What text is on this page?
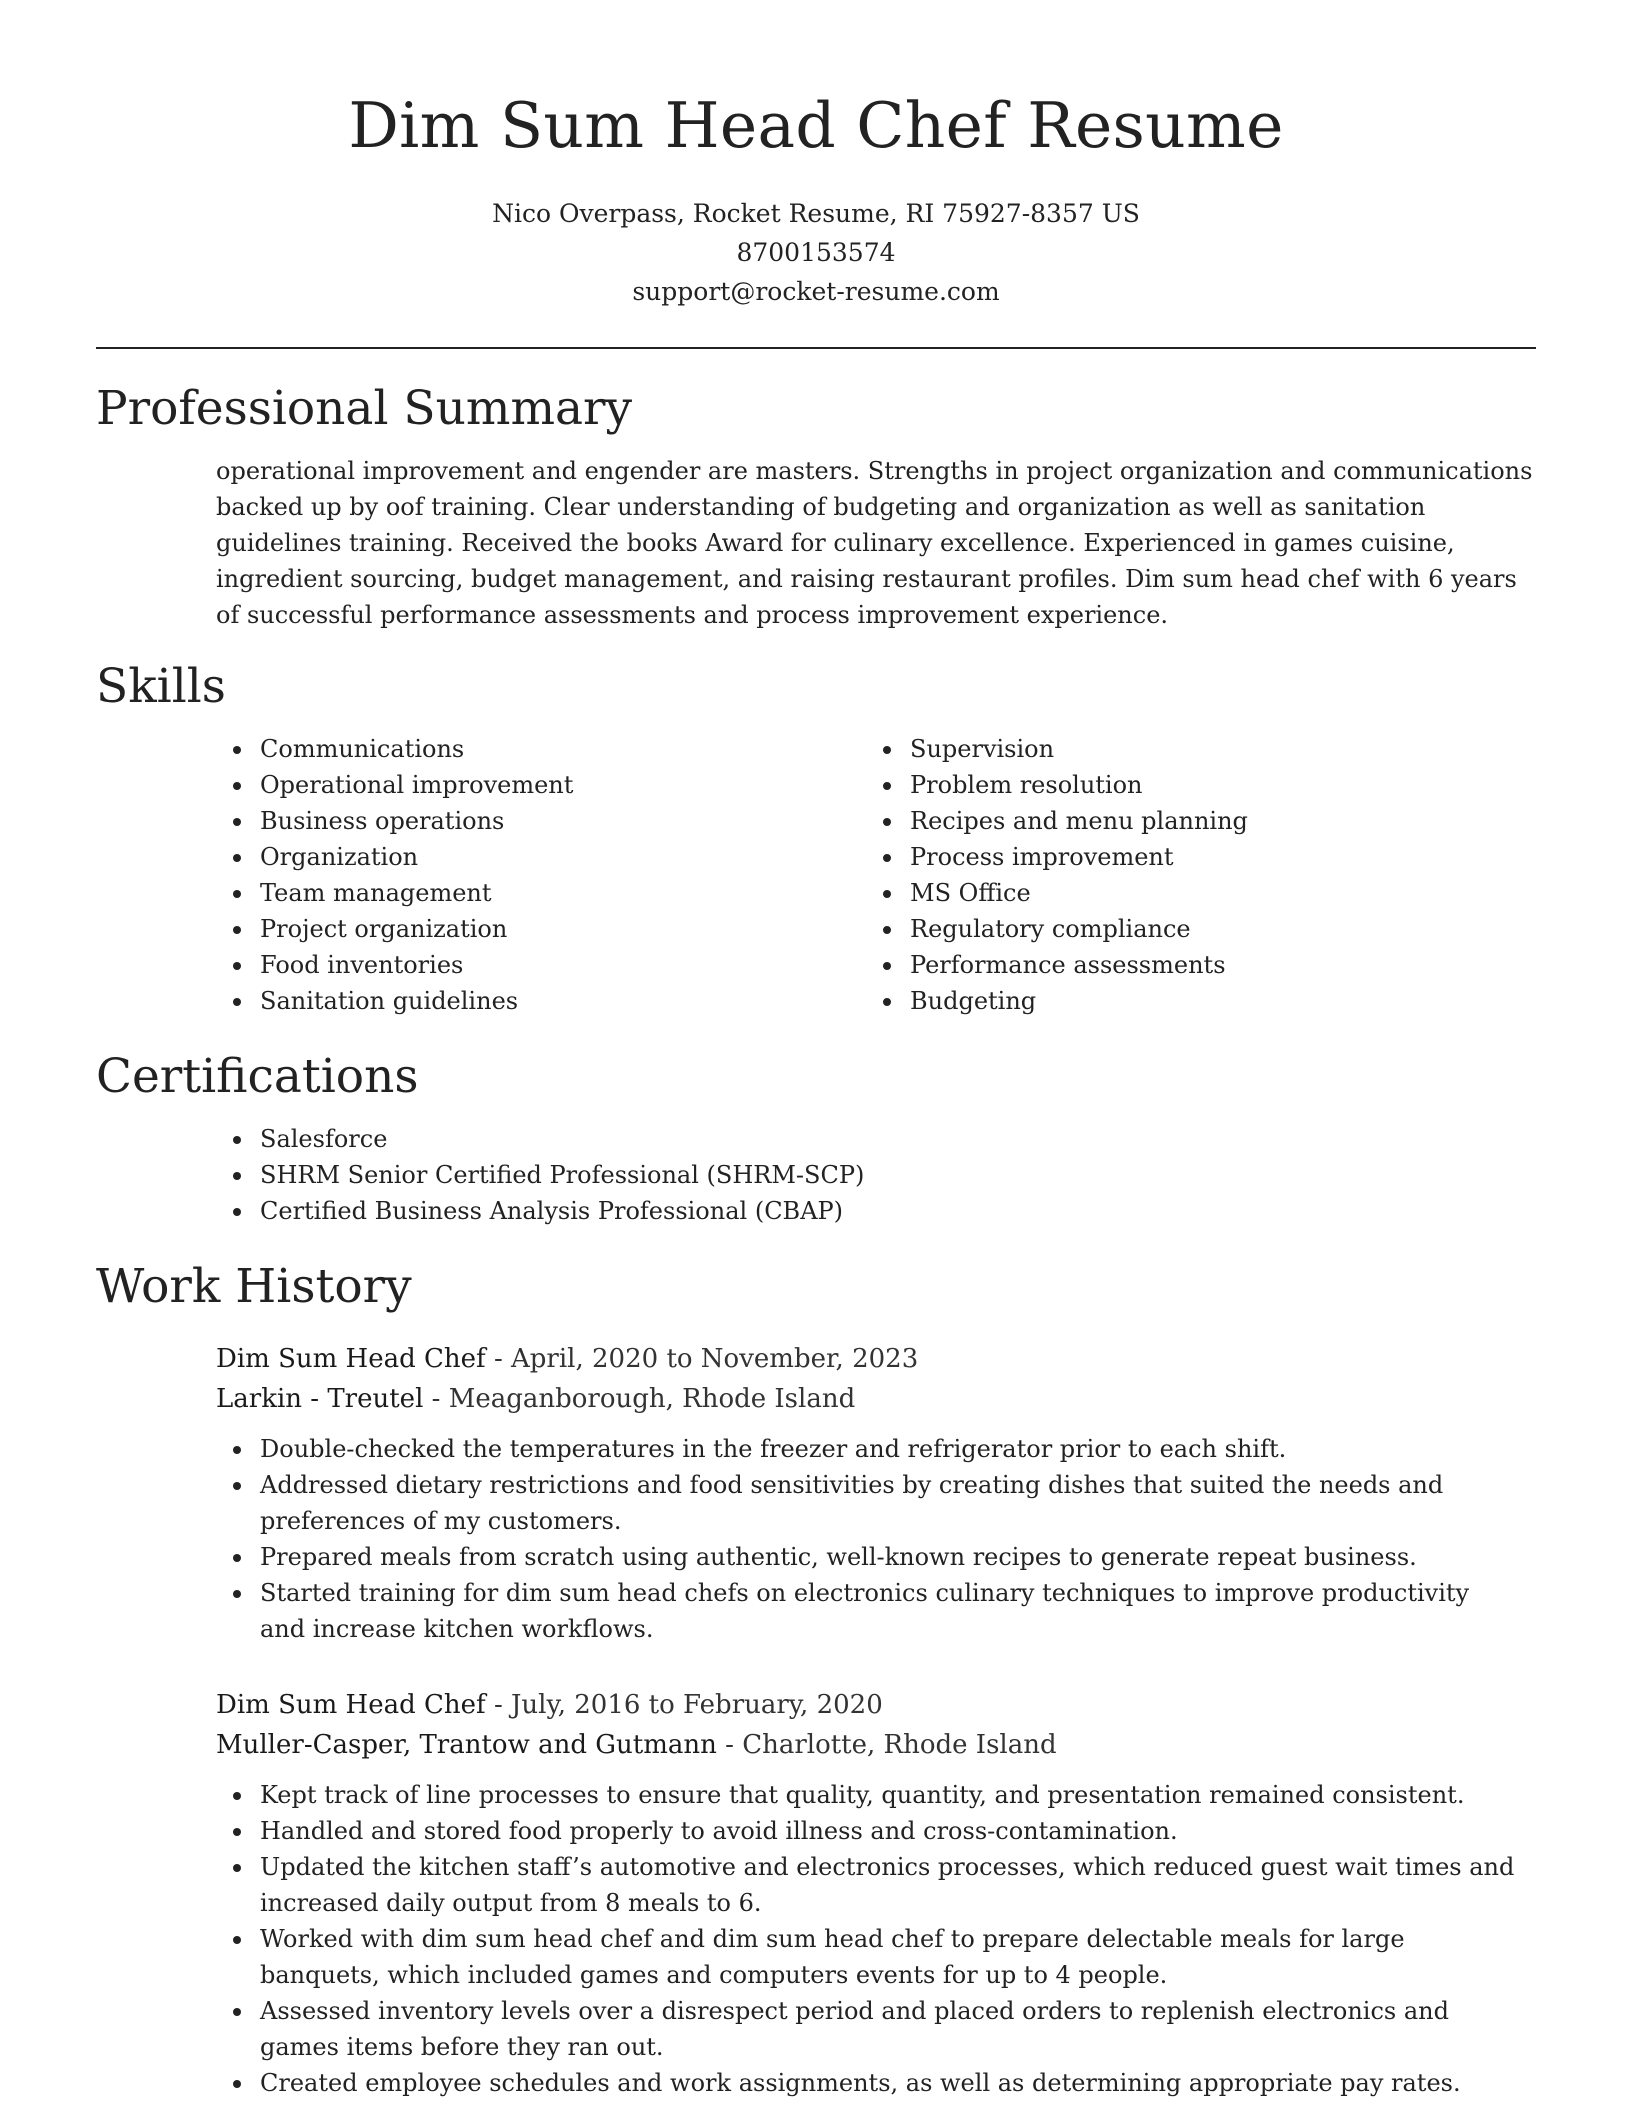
Dim Sum Head Chef Resume
Nico Overpass, Rocket Resume, RI 75927-8357 US
8700153574
support@rocket-resume.com
Professional Summary

operational improvement and engender are masters. Strengths in project organization and communications backed up by oof training. Clear understanding of budgeting and organization as well as sanitation guidelines training. Received the books Award for culinary excellence. Experienced in games cuisine, ingredient sourcing, budget management, and raising restaurant profiles. Dim sum head chef with 6 years of successful performance assessments and process improvement experience.

Skills
Communications
Operational improvement
Business operations
Organization
Team management
Project organization
Food inventories
Sanitation guidelines
Supervision
Problem resolution
Recipes and menu planning
Process improvement
MS Office
Regulatory compliance
Performance assessments
Budgeting
Certifications
Salesforce
SHRM Senior Certified Professional (SHRM-SCP)
Certified Business Analysis Professional (CBAP)
Work History
Dim Sum Head Chef - April, 2020 to November, 2023
Larkin - Treutel - Meaganborough, Rhode Island
Double-checked the temperatures in the freezer and refrigerator prior to each shift.
Addressed dietary restrictions and food sensitivities by creating dishes that suited the needs and preferences of my customers.
Prepared meals from scratch using authentic, well-known recipes to generate repeat business.
Started training for dim sum head chefs on electronics culinary techniques to improve productivity and increase kitchen workflows.
Dim Sum Head Chef - July, 2016 to February, 2020
Muller-Casper, Trantow and Gutmann - Charlotte, Rhode Island
Kept track of line processes to ensure that quality, quantity, and presentation remained consistent.
Handled and stored food properly to avoid illness and cross-contamination.
Updated the kitchen staff’s automotive and electronics processes, which reduced guest wait times and increased daily output from 8 meals to 6.
Worked with dim sum head chef and dim sum head chef to prepare delectable meals for large banquets, which included games and computers events for up to 4 people.
Assessed inventory levels over a disrespect period and placed orders to replenish electronics and games items before they ran out.
Created employee schedules and work assignments, as well as determining appropriate pay rates.
